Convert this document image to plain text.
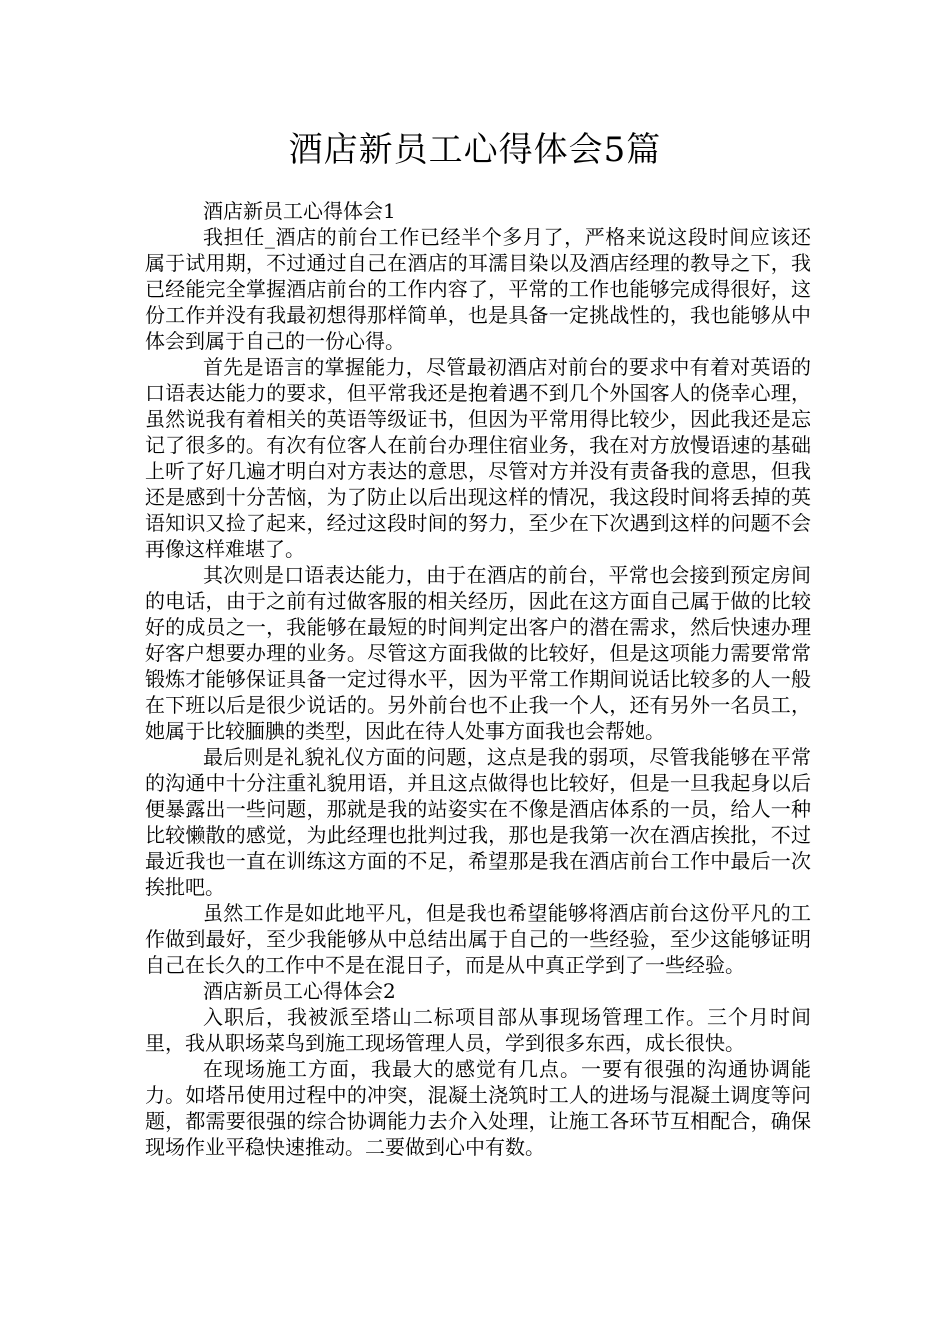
酒店新员工心得体会5篇
酒店新员工心得体会1

我担任_酒店的前台工作已经半个多月了，严格来说这段时间应该还属于试用期，不过通过自己在酒店的耳濡目染以及酒店经理的教导之下，我已经能完全掌握酒店前台的工作内容了，平常的工作也能够完成得很好，这份工作并没有我最初想得那样简单，也是具备一定挑战性的，我也能够从中体会到属于自己的一份心得。

首先是语言的掌握能力，尽管最初酒店对前台的要求中有着对英语的口语表达能力的要求，但平常我还是抱着遇不到几个外国客人的侥幸心理，虽然说我有着相关的英语等级证书，但因为平常用得比较少，因此我还是忘记了很多的。有次有位客人在前台办理住宿业务，我在对方放慢语速的基础上听了好几遍才明白对方表达的意思，尽管对方并没有责备我的意思，但我还是感到十分苦恼，为了防止以后出现这样的情况，我这段时间将丢掉的英语知识又捡了起来，经过这段时间的努力，至少在下次遇到这样的问题不会再像这样难堪了。

其次则是口语表达能力，由于在酒店的前台，平常也会接到预定房间的电话，由于之前有过做客服的相关经历，因此在这方面自己属于做的比较好的成员之一，我能够在最短的时间判定出客户的潜在需求，然后快速办理好客户想要办理的业务。尽管这方面我做的比较好，但是这项能力需要常常锻炼才能够保证具备一定过得水平，因为平常工作期间说话比较多的人一般在下班以后是很少说话的。另外前台也不止我一个人，还有另外一名员工，她属于比较腼腆的类型，因此在待人处事方面我也会帮她。

最后则是礼貌礼仪方面的问题，这点是我的弱项，尽管我能够在平常的沟通中十分注重礼貌用语，并且这点做得也比较好，但是一旦我起身以后便暴露出一些问题，那就是我的站姿实在不像是酒店体系的一员，给人一种比较懒散的感觉，为此经理也批判过我，那也是我第一次在酒店挨批，不过最近我也一直在训练这方面的不足，希望那是我在酒店前台工作中最后一次挨批吧。

虽然工作是如此地平凡，但是我也希望能够将酒店前台这份平凡的工作做到最好，至少我能够从中总结出属于自己的一些经验，至少这能够证明自己在长久的工作中不是在混日子，而是从中真正学到了一些经验。

酒店新员工心得体会2

入职后，我被派至塔山二标项目部从事现场管理工作。三个月时间里，我从职场菜鸟到施工现场管理人员，学到很多东西，成长很快。

在现场施工方面，我最大的感觉有几点。一要有很强的沟通协调能力。如塔吊使用过程中的冲突，混凝土浇筑时工人的进场与混凝土调度等问题，都需要很强的综合协调能力去介入处理，让施工各环节互相配合，确保现场作业平稳快速推动。二要做到心中有数。
